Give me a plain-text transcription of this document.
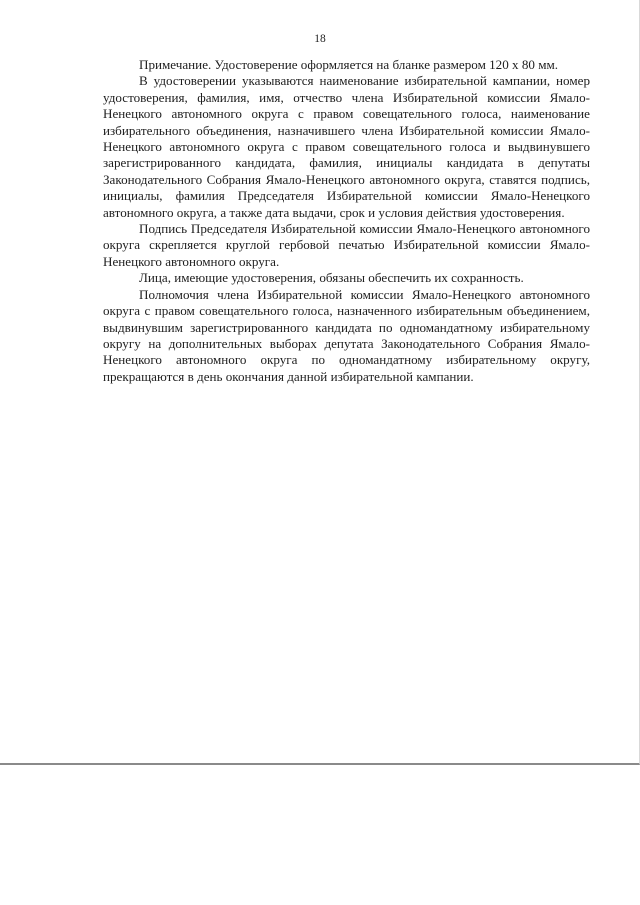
18

Примечание. Удостоверение оформляется на бланке размером 120 х 80 мм.

В удостоверении указываются наименование избирательной кампании, номер удостоверения, фамилия, имя, отчество члена Избирательной комиссии Ямало-Ненецкого автономного округа с правом совещательного голоса, наименование избирательного объединения, назначившего члена Избирательной комиссии Ямало-Ненецкого автономного округа с правом совещательного голоса и выдвинувшего зарегистрированного кандидата, фамилия, инициалы кандидата в депутаты Законодательного Собрания Ямало-Ненецкого автономного округа, ставятся подпись, инициалы, фамилия Председателя Избирательной комиссии Ямало-Ненецкого автономного округа, а также дата выдачи, срок и условия действия удостоверения.

Подпись Председателя Избирательной комиссии Ямало-Ненецкого автономного округа скрепляется круглой гербовой печатью Избирательной комиссии Ямало-Ненецкого автономного округа.

Лица, имеющие удостоверения, обязаны обеспечить их сохранность.

Полномочия члена Избирательной комиссии Ямало-Ненецкого автономного округа с правом совещательного голоса, назначенного избирательным объединением, выдвинувшим зарегистрированного кандидата по одномандатному избирательному округу на дополнительных выборах депутата Законодательного Собрания Ямало-Ненецкого автономного округа по одномандатному избирательному округу, прекращаются в день окончания данной избирательной кампании.
